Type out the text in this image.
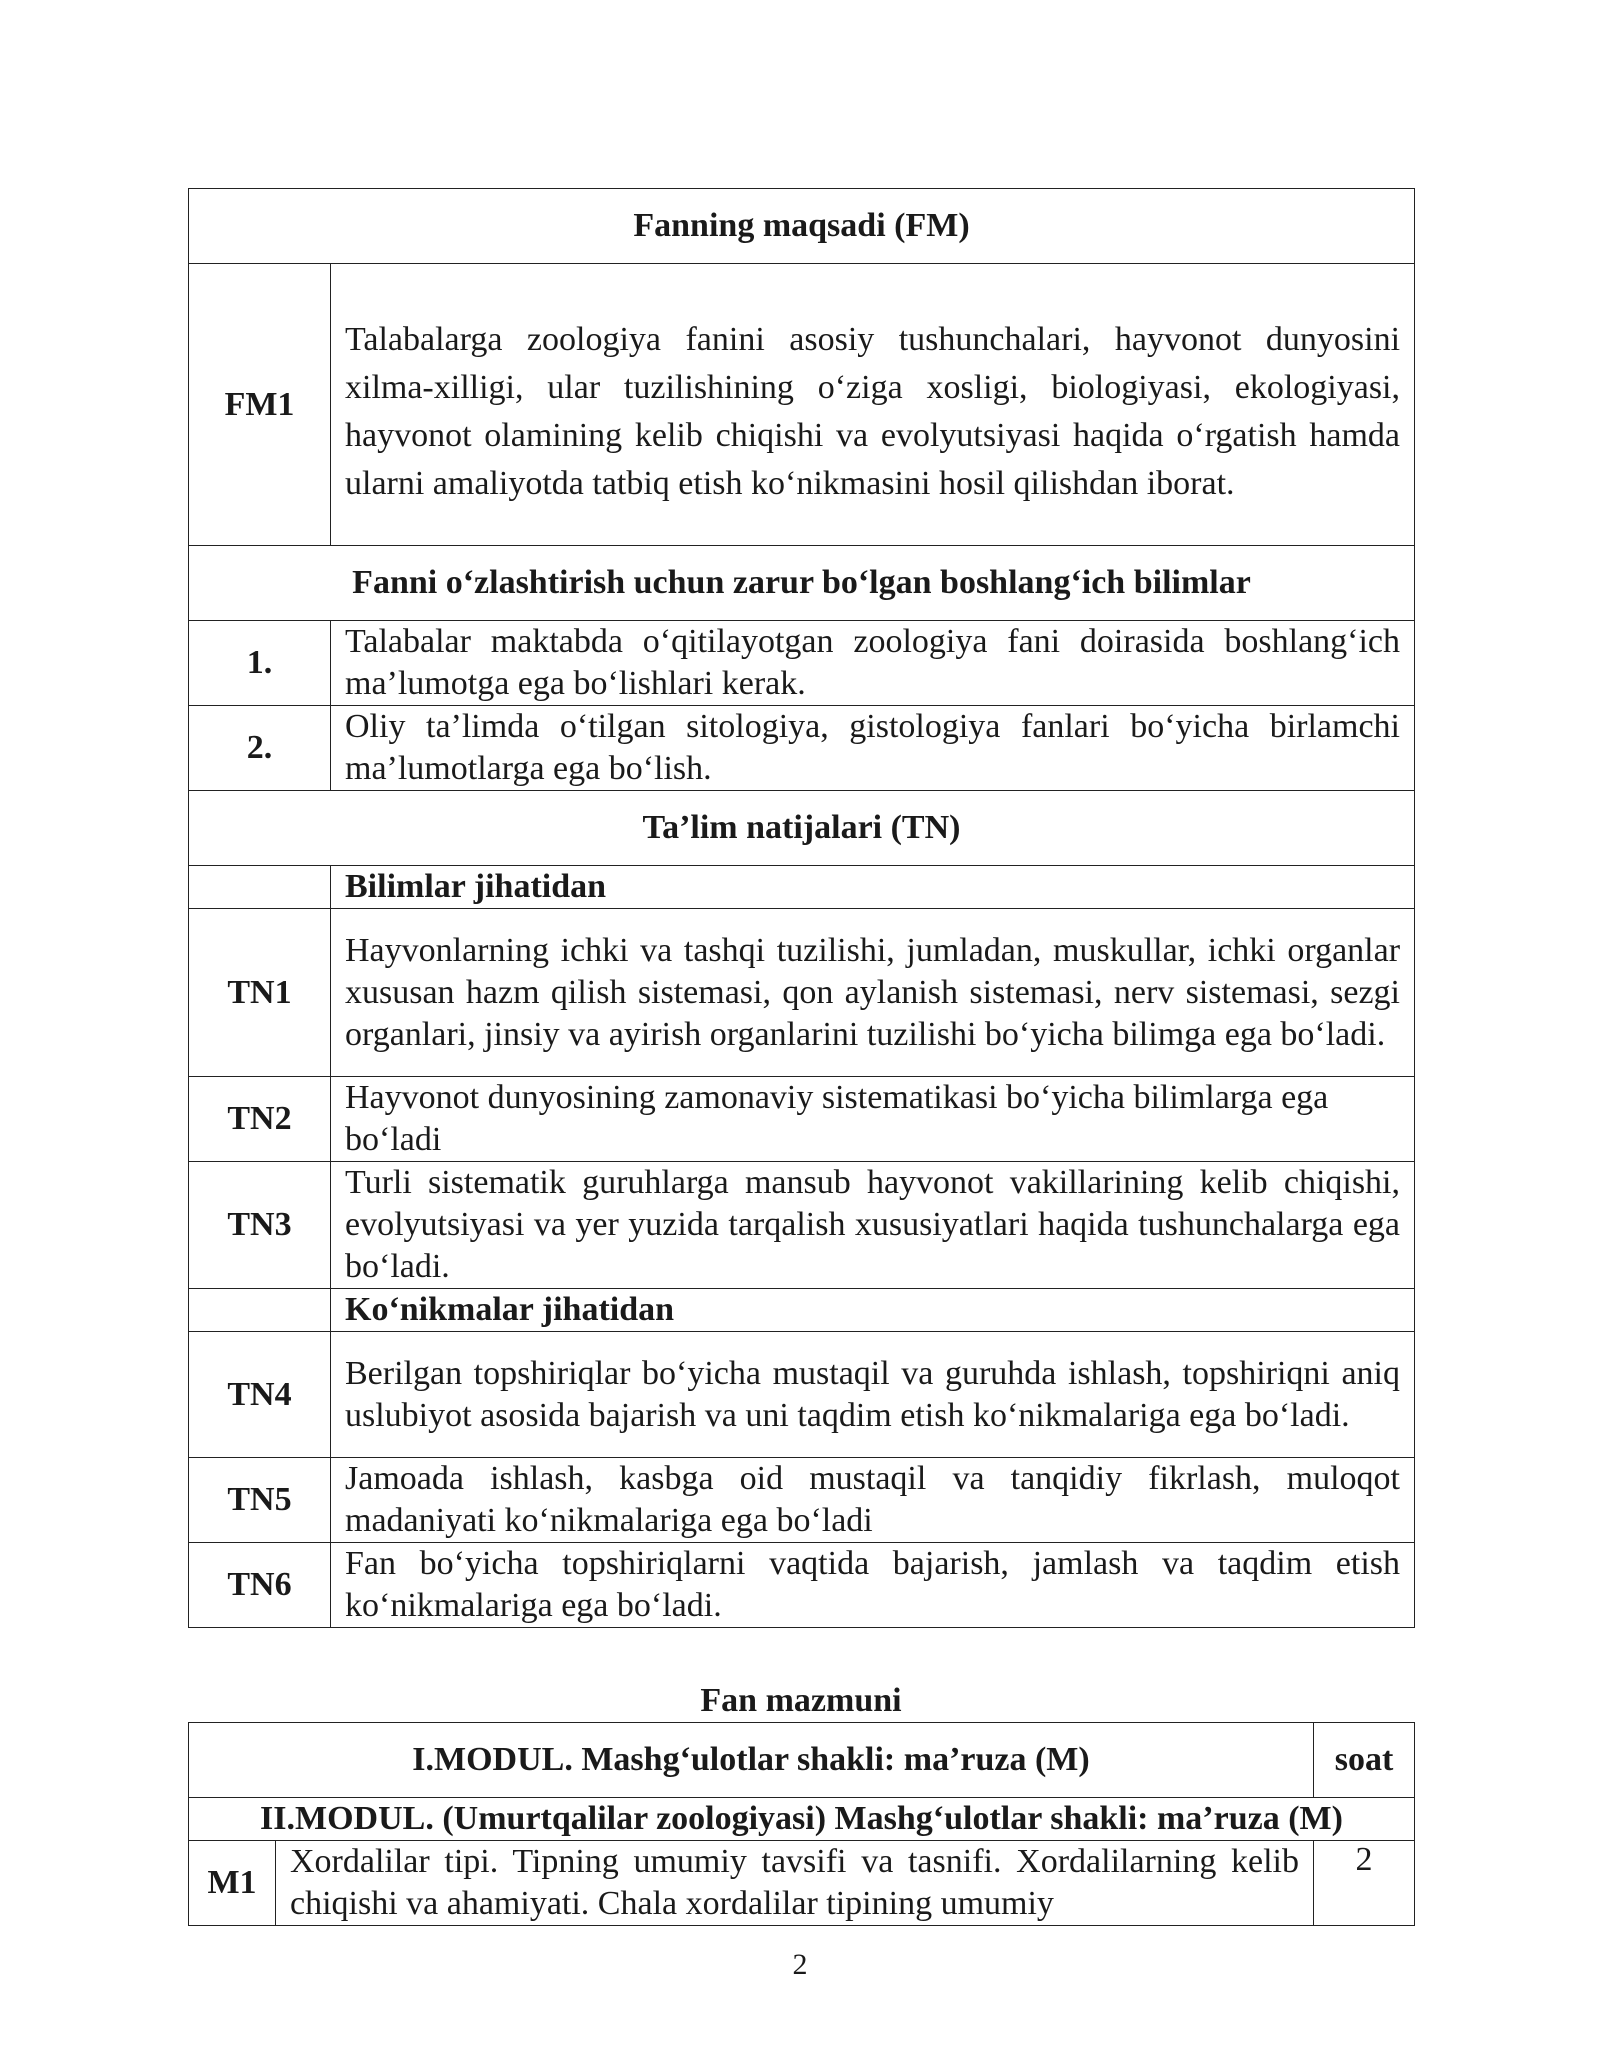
Fanning maqsadi (FM)	
FM1	Talabalarga zoologiya fanini asosiy tushunchalari, hayvonot dunyosini xilma-xilligi, ular tuzilishining o‘ziga xosligi, biologiyasi, ekologiyasi, hayvonot olamining kelib chiqishi va evolyutsiyasi haqida o‘rgatish hamda ularni amaliyotda tatbiq etish ko‘nikmasini hosil qilishdan iborat.
Fanni o‘zlashtirish uchun zarur bo‘lgan boshlang‘ich bilimlar	
1.	Talabalar maktabda o‘qitilayotgan zoologiya fani doirasida boshlang‘ich ma’lumotga ega bo‘lishlari kerak.
2.	Oliy ta’limda o‘tilgan sitologiya, gistologiya fanlari bo‘yicha birlamchi ma’lumotlarga ega bo‘lish.
Ta’lim natijalari (TN)	
	Bilimlar jihatidan
TN1	Hayvonlarning ichki va tashqi tuzilishi, jumladan, muskullar, ichki organlar xususan hazm qilish sistemasi, qon aylanish sistemasi, nerv sistemasi, sezgi organlari, jinsiy va ayirish organlarini tuzilishi bo‘yicha bilimga ega bo‘ladi.
TN2	Hayvonot dunyosining zamonaviy sistematikasi bo‘yicha bilimlarga ega bo‘ladi
TN3	Turli sistematik guruhlarga mansub hayvonot vakillarining kelib chiqishi, evolyutsiyasi va yer yuzida tarqalish xususiyatlari haqida tushunchalarga ega bo‘ladi.
	Ko‘nikmalar jihatidan
TN4	Berilgan topshiriqlar bo‘yicha mustaqil va guruhda ishlash, topshiriqni aniq uslubiyot asosida bajarish va uni taqdim etish ko‘nikmalariga ega bo‘ladi.
TN5	Jamoada ishlash, kasbga oid mustaqil va tanqidiy fikrlash, muloqot madaniyati ko‘nikmalariga ega bo‘ladi
TN6	Fan bo‘yicha topshiriqlarni vaqtida bajarish, jamlash va taqdim etish ko‘nikmalariga ega bo‘ladi.
Fan mazmuni
I.MODUL. Mashg‘ulotlar shakli: ma’ruza (M)		soat
II.MODUL. (Umurtqalilar zoologiyasi) Mashg‘ulotlar shakli: ma’ruza (M)		
M1	Xordalilar tipi. Tipning umumiy tavsifi va tasnifi. Xordalilarning kelib chiqishi va ahamiyati. Chala xordalilar tipining umumiy	2
2
